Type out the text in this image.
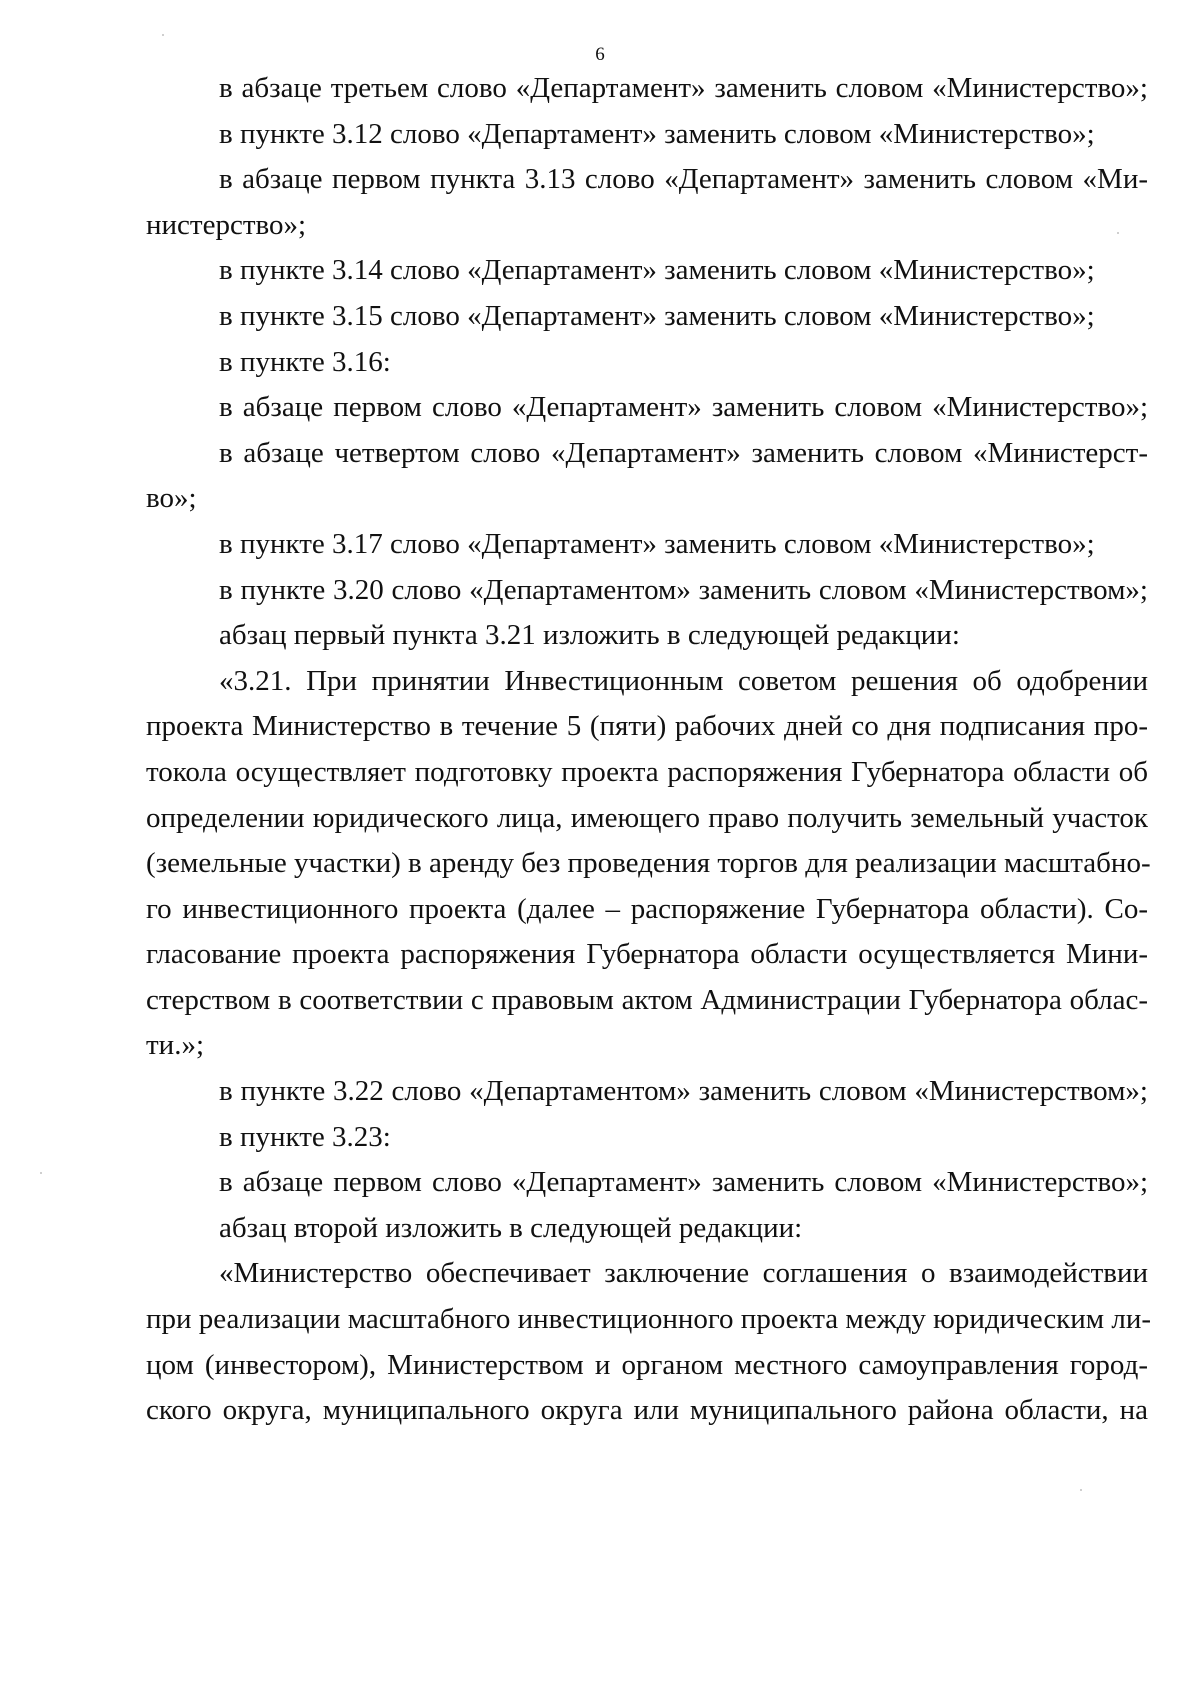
6
в абзаце третьем слово «Департамент» заменить словом «Министерство»;
в пункте 3.12 слово «Департамент» заменить словом «Министерство»;
в абзаце первом пункта 3.13 слово «Департамент» заменить словом «Ми-
нистерство»;
в пункте 3.14 слово «Департамент» заменить словом «Министерство»;
в пункте 3.15 слово «Департамент» заменить словом «Министерство»;
в пункте 3.16:
в абзаце первом слово «Департамент» заменить словом «Министерство»;
в абзаце четвертом слово «Департамент» заменить словом «Министерст-
во»;
в пункте 3.17 слово «Департамент» заменить словом «Министерство»;
в пункте 3.20 слово «Департаментом» заменить словом «Министерством»;
абзац первый пункта 3.21 изложить в следующей редакции:
«3.21. При принятии Инвестиционным советом решения об одобрении
проекта Министерство в течение 5 (пяти) рабочих дней со дня подписания про-
токола осуществляет подготовку проекта распоряжения Губернатора области об
определении юридического лица, имеющего право получить земельный участок
(земельные участки) в аренду без проведения торгов для реализации масштабно-
го инвестиционного проекта (далее – распоряжение Губернатора области). Со-
гласование проекта распоряжения Губернатора области осуществляется Мини-
стерством в соответствии с правовым актом Администрации Губернатора облас-
ти.»;
в пункте 3.22 слово «Департаментом» заменить словом «Министерством»;
в пункте 3.23:
в абзаце первом слово «Департамент» заменить словом «Министерство»;
абзац второй изложить в следующей редакции:
«Министерство обеспечивает заключение соглашения о взаимодействии
при реализации масштабного инвестиционного проекта между юридическим ли-
цом (инвестором), Министерством и органом местного самоуправления город-
ского округа, муниципального округа или муниципального района области, на
